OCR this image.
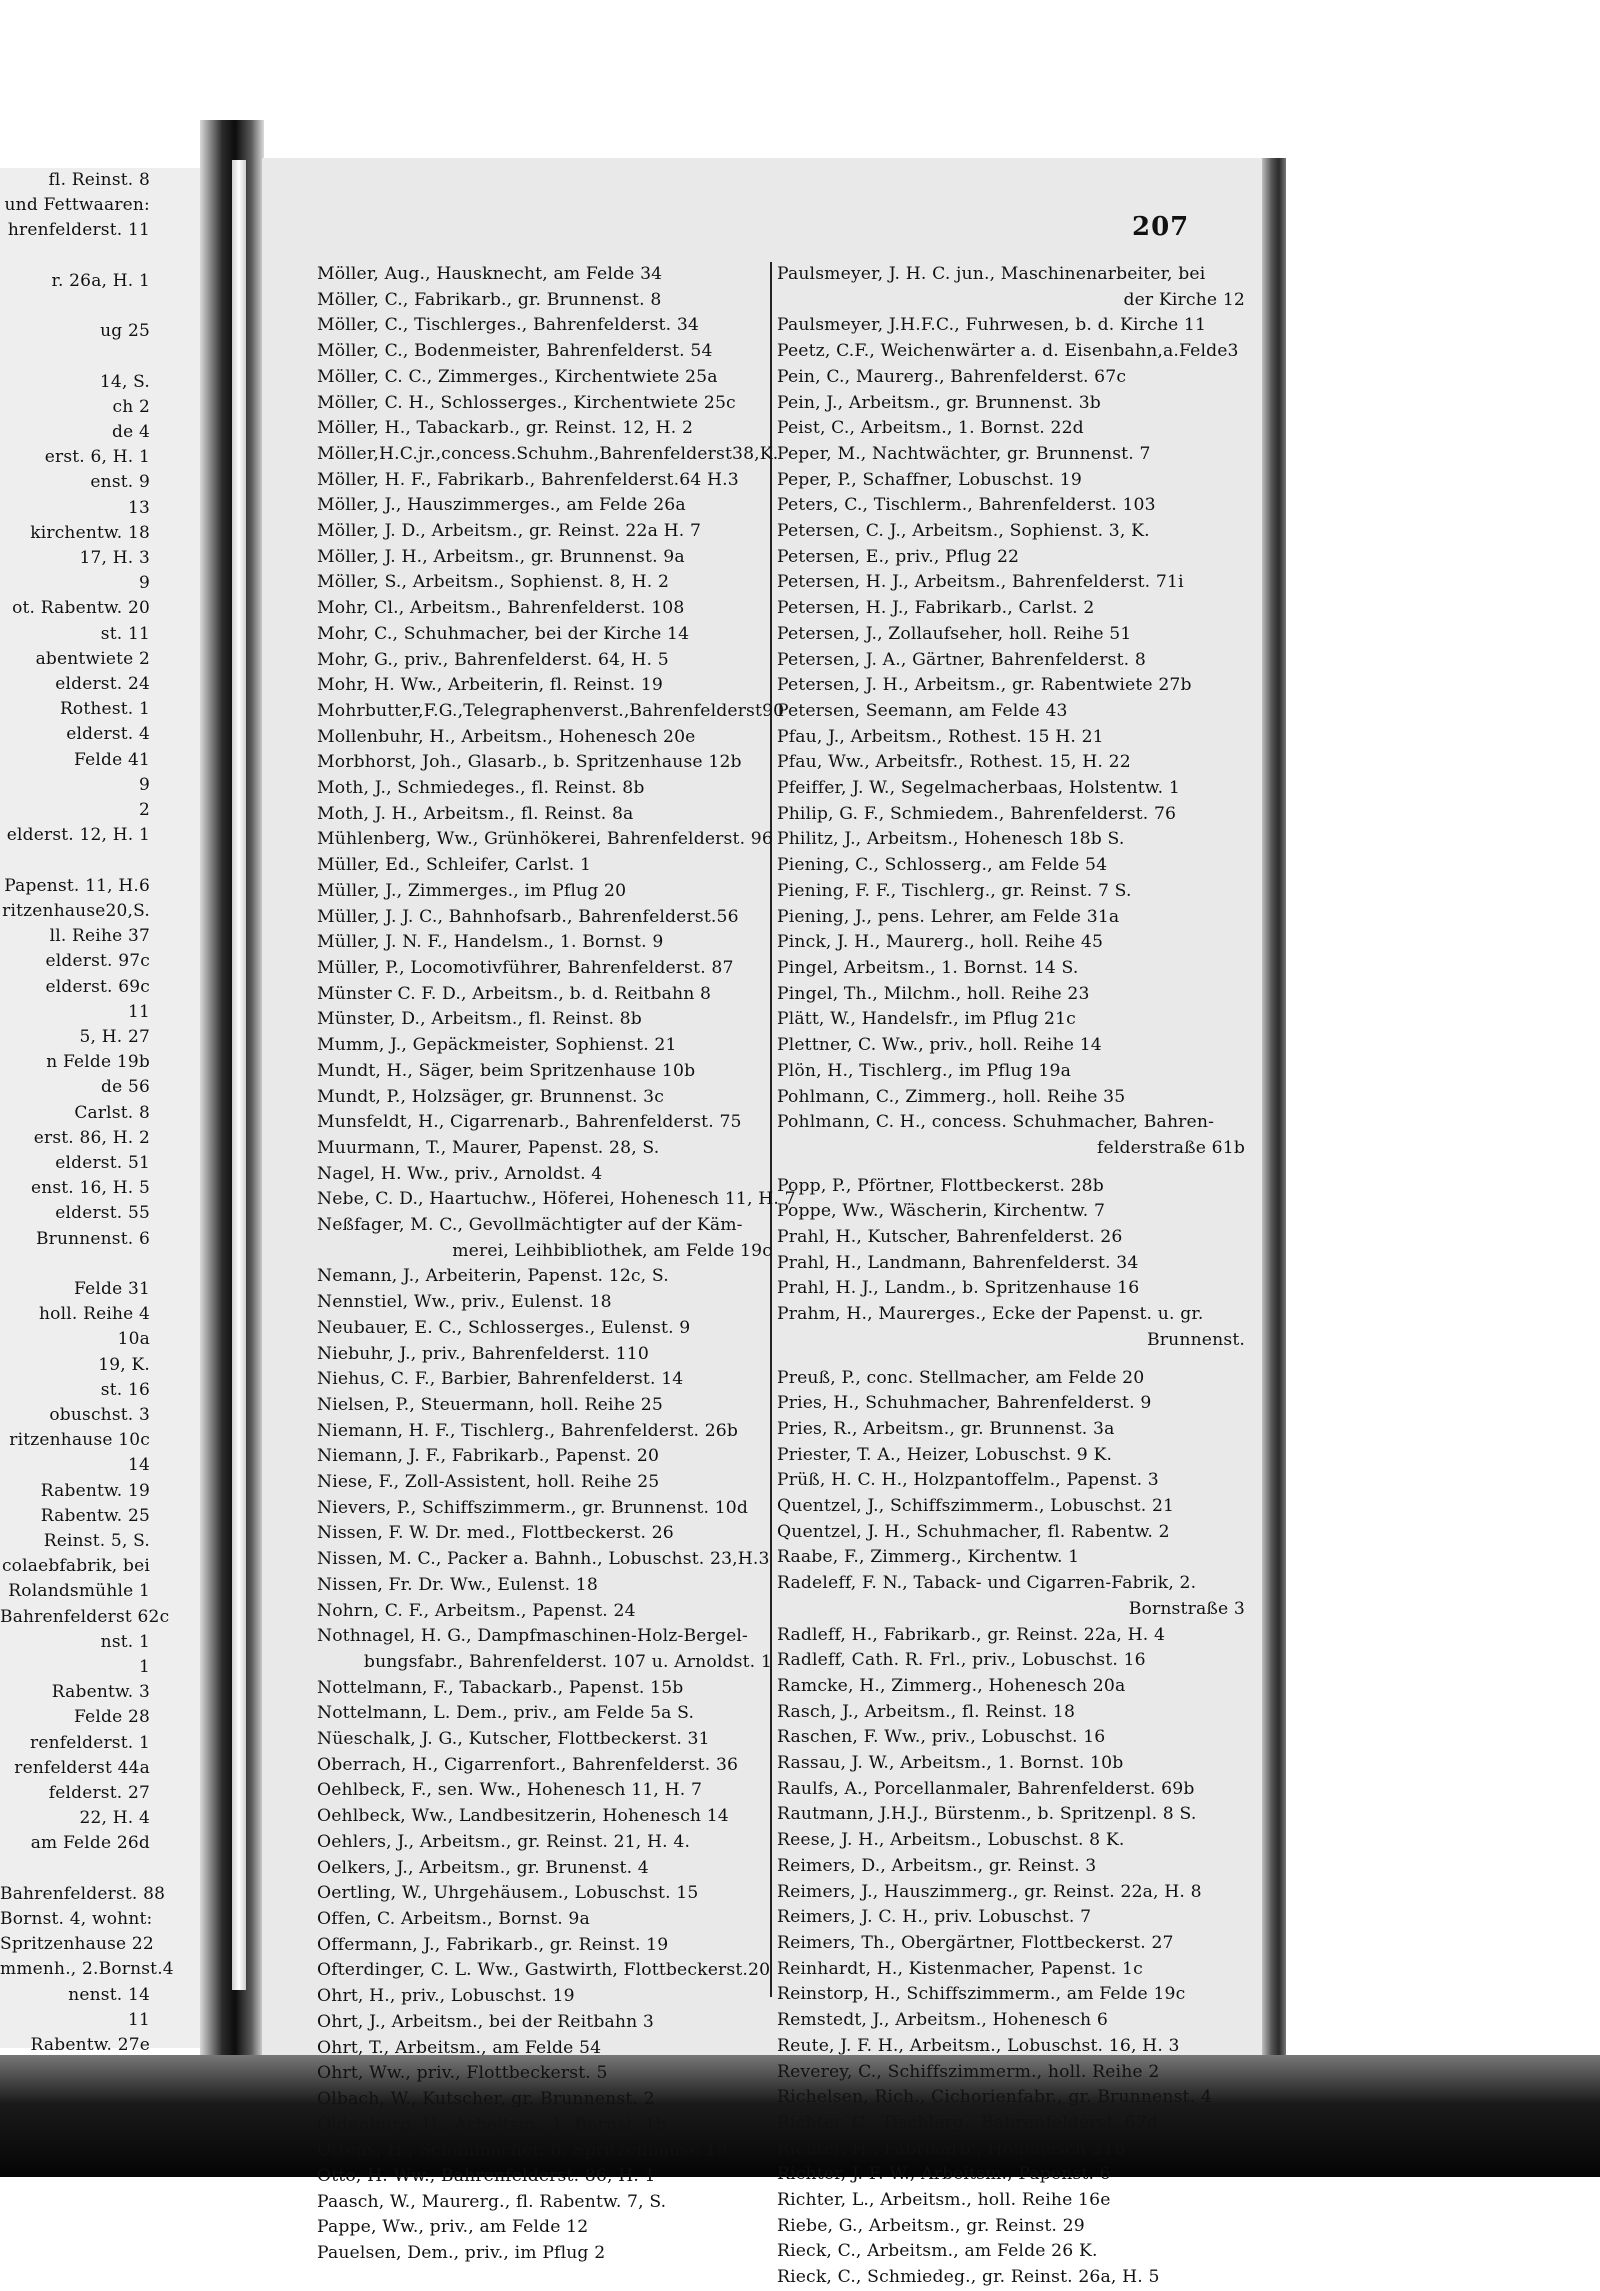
fl. Reinst. 8
und Fettwaaren:
hrenfelderst. 11

r. 26a, H. 1

ug 25

14, S.
ch 2
de 4
erst. 6, H. 1
enst. 9
13
kirchentw. 18
17, H. 3
9
ot. Rabentw. 20
st. 11
abentwiete 2
elderst. 24
Rothest. 1
elderst. 4
Felde 41
9
2
elderst. 12, H. 1

Papenst. 11, H.6
ritzenhause20,S.
ll. Reihe 37
elderst. 97c
elderst. 69c
11
5, H. 27
n Felde 19b
de 56
Carlst. 8
erst. 86, H. 2
elderst. 51
enst. 16, H. 5
elderst. 55
Brunnenst. 6

Felde 31
holl. Reihe 4
10a
19, K.
st. 16
obuschst. 3
ritzenhause 10c
14
Rabentw. 19
Rabentw. 25
Reinst. 5, S.
colaebfabrik, bei
Rolandsmühle 1
Bahrenfelderst 62c
nst. 1
1
Rabentw. 3
Felde 28
renfelderst. 1
renfelderst 44a
felderst. 27
22, H. 4
am Felde 26d

Bahrenfelderst. 88
Bornst. 4, wohnt:
Spritzenhause 22
mmenh., 2.Bornst.4
nenst. 14
11
Rabentw. 27e
207
Möller, Aug., Hausknecht, am Felde 34
Möller, C., Fabrikarb., gr. Brunnenst. 8
Möller, C., Tischlerges., Bahrenfelderst. 34
Möller, C., Bodenmeister, Bahrenfelderst. 54
Möller, C. C., Zimmerges., Kirchentwiete 25a
Möller, C. H., Schlosserges., Kirchentwiete 25c
Möller, H., Tabackarb., gr. Reinst. 12, H. 2
Möller,H.C.jr.,concess.Schuhm.,Bahrenfelderst38,K.
Möller, H. F., Fabrikarb., Bahrenfelderst.64 H.3
Möller, J., Hauszimmerges., am Felde 26a
Möller, J. D., Arbeitsm., gr. Reinst. 22a H. 7
Möller, J. H., Arbeitsm., gr. Brunnenst. 9a
Möller, S., Arbeitsm., Sophienst. 8, H. 2
Mohr, Cl., Arbeitsm., Bahrenfelderst. 108
Mohr, C., Schuhmacher, bei der Kirche 14
Mohr, G., priv., Bahrenfelderst. 64, H. 5
Mohr, H. Ww., Arbeiterin, fl. Reinst. 19
Mohrbutter,F.G.,Telegraphenverst.,Bahrenfelderst90
Mollenbuhr, H., Arbeitsm., Hohenesch 20e
Morbhorst, Joh., Glasarb., b. Spritzenhause 12b
Moth, J., Schmiedeges., fl. Reinst. 8b
Moth, J. H., Arbeitsm., fl. Reinst. 8a
Mühlenberg, Ww., Grünhökerei, Bahrenfelderst. 96
Müller, Ed., Schleifer, Carlst. 1
Müller, J., Zimmerges., im Pflug 20
Müller, J. J. C., Bahnhofsarb., Bahrenfelderst.56
Müller, J. N. F., Handelsm., 1. Bornst. 9
Müller, P., Locomotivführer, Bahrenfelderst. 87
Münster C. F. D., Arbeitsm., b. d. Reitbahn 8
Münster, D., Arbeitsm., fl. Reinst. 8b
Mumm, J., Gepäckmeister, Sophienst. 21
Mundt, H., Säger, beim Spritzenhause 10b
Mundt, P., Holzsäger, gr. Brunnenst. 3c
Munsfeldt, H., Cigarrenarb., Bahrenfelderst. 75
Muurmann, T., Maurer, Papenst. 28, S.
Nagel, H. Ww., priv., Arnoldst. 4
Nebe, C. D., Haartuchw., Höferei, Hohenesch 11, H. 7
Neßfager, M. C., Gevollmächtigter auf der Käm-
merei, Leihbibliothek, am Felde 19c
Nemann, J., Arbeiterin, Papenst. 12c, S.
Nennstiel, Ww., priv., Eulenst. 18
Neubauer, E. C., Schlosserges., Eulenst. 9
Niebuhr, J., priv., Bahrenfelderst. 110
Niehus, C. F., Barbier, Bahrenfelderst. 14
Nielsen, P., Steuermann, holl. Reihe 25
Niemann, H. F., Tischlerg., Bahrenfelderst. 26b
Niemann, J. F., Fabrikarb., Papenst. 20
Niese, F., Zoll-Assistent, holl. Reihe 25
Nievers, P., Schiffszimmerm., gr. Brunnenst. 10d
Nissen, F. W. Dr. med., Flottbeckerst. 26
Nissen, M. C., Packer a. Bahnh., Lobuschst. 23,H.3
Nissen, Fr. Dr. Ww., Eulenst. 18
Nohrn, C. F., Arbeitsm., Papenst. 24
Nothnagel, H. G., Dampfmaschinen-Holz-Bergel-
bungsfabr., Bahrenfelderst. 107 u. Arnoldst. 1
Nottelmann, F., Tabackarb., Papenst. 15b
Nottelmann, L. Dem., priv., am Felde 5a S.
Nüeschalk, J. G., Kutscher, Flottbeckerst. 31
Oberrach, H., Cigarrenfort., Bahrenfelderst. 36
Oehlbeck, F., sen. Ww., Hohenesch 11, H. 7
Oehlbeck, Ww., Landbesitzerin, Hohenesch 14
Oehlers, J., Arbeitsm., gr. Reinst. 21, H. 4.
Oelkers, J., Arbeitsm., gr. Brunenst. 4
Oertling, W., Uhrgehäusem., Lobuschst. 15
Offen, C. Arbeitsm., Bornst. 9a
Offermann, J., Fabrikarb., gr. Reinst. 19
Ofterdinger, C. L. Ww., Gastwirth, Flottbeckerst.20
Ohrt, H., priv., Lobuschst. 19
Ohrt, J., Arbeitsm., bei der Reitbahn 3
Ohrt, T., Arbeitsm., am Felde 54
Ohrt, Ww., priv., Flottbeckerst. 5
Olbach, W., Kutscher, gr. Brunnenst. 2
Oldenburg, H., Arbeitsm., 1. Bornst. 1b
Ottens, H., Schuhmacher, b. Spritzenhause 19
Otto, H. Ww., Bahrenfelderst. 86, H. 1
Paasch, W., Maurerg., fl. Rabentw. 7, S.
Pappe, Ww., priv., am Felde 12
Pauelsen, Dem., priv., im Pflug 2
Paulsmeyer, J. H. C. jun., Maschinenarbeiter, bei
der Kirche 12
Paulsmeyer, J.H.F.C., Fuhrwesen, b. d. Kirche 11
Peetz, C.F., Weichenwärter a. d. Eisenbahn,a.Felde3
Pein, C., Maurerg., Bahrenfelderst. 67c
Pein, J., Arbeitsm., gr. Brunnenst. 3b
Peist, C., Arbeitsm., 1. Bornst. 22d
Peper, M., Nachtwächter, gr. Brunnenst. 7
Peper, P., Schaffner, Lobuschst. 19
Peters, C., Tischlerm., Bahrenfelderst. 103
Petersen, C. J., Arbeitsm., Sophienst. 3, K.
Petersen, E., priv., Pflug 22
Petersen, H. J., Arbeitsm., Bahrenfelderst. 71i
Petersen, H. J., Fabrikarb., Carlst. 2
Petersen, J., Zollaufseher, holl. Reihe 51
Petersen, J. A., Gärtner, Bahrenfelderst. 8
Petersen, J. H., Arbeitsm., gr. Rabentwiete 27b
Petersen, Seemann, am Felde 43
Pfau, J., Arbeitsm., Rothest. 15 H. 21
Pfau, Ww., Arbeitsfr., Rothest. 15, H. 22
Pfeiffer, J. W., Segelmacherbaas, Holstentw. 1
Philip, G. F., Schmiedem., Bahrenfelderst. 76
Philitz, J., Arbeitsm., Hohenesch 18b S.
Piening, C., Schlosserg., am Felde 54
Piening, F. F., Tischlerg., gr. Reinst. 7 S.
Piening, J., pens. Lehrer, am Felde 31a
Pinck, J. H., Maurerg., holl. Reihe 45
Pingel, Arbeitsm., 1. Bornst. 14 S.
Pingel, Th., Milchm., holl. Reihe 23
Plätt, W., Handelsfr., im Pflug 21c
Plettner, C. Ww., priv., holl. Reihe 14
Plön, H., Tischlerg., im Pflug 19a
Pohlmann, C., Zimmerg., holl. Reihe 35
Pohlmann, C. H., concess. Schuhmacher, Bahren-
felderstraße 61b
Popp, P., Pförtner, Flottbeckerst. 28b
Poppe, Ww., Wäscherin, Kirchentw. 7
Prahl, H., Kutscher, Bahrenfelderst. 26
Prahl, H., Landmann, Bahrenfelderst. 34
Prahl, H. J., Landm., b. Spritzenhause 16
Prahm, H., Maurerges., Ecke der Papenst. u. gr.
Brunnenst.
Preuß, P., conc. Stellmacher, am Felde 20
Pries, H., Schuhmacher, Bahrenfelderst. 9
Pries, R., Arbeitsm., gr. Brunnenst. 3a
Priester, T. A., Heizer, Lobuschst. 9 K.
Prüß, H. C. H., Holzpantoffelm., Papenst. 3
Quentzel, J., Schiffszimmerm., Lobuschst. 21
Quentzel, J. H., Schuhmacher, fl. Rabentw. 2
Raabe, F., Zimmerg., Kirchentw. 1
Radeleff, F. N., Taback- und Cigarren-Fabrik, 2.
Bornstraße 3
Radleff, H., Fabrikarb., gr. Reinst. 22a, H. 4
Radleff, Cath. R. Frl., priv., Lobuschst. 16
Ramcke, H., Zimmerg., Hohenesch 20a
Rasch, J., Arbeitsm., fl. Reinst. 18
Raschen, F. Ww., priv., Lobuschst. 16
Rassau, J. W., Arbeitsm., 1. Bornst. 10b
Raulfs, A., Porcellanmaler, Bahrenfelderst. 69b
Rautmann, J.H.J., Bürstenm., b. Spritzenpl. 8 S.
Reese, J. H., Arbeitsm., Lobuschst. 8 K.
Reimers, D., Arbeitsm., gr. Reinst. 3
Reimers, J., Hauszimmerg., gr. Reinst. 22a, H. 8
Reimers, J. C. H., priv. Lobuschst. 7
Reimers, Th., Obergärtner, Flottbeckerst. 27
Reinhardt, H., Kistenmacher, Papenst. 1c
Reinstorp, H., Schiffszimmerm., am Felde 19c
Remstedt, J., Arbeitsm., Hohenesch 6
Reute, J. F. H., Arbeitsm., Lobuschst. 16, H. 3
Reverey, C., Schiffszimmerm., holl. Reihe 2
Richelsen, Rich., Cichorienfabr., gr. Brunnenst. 4
Richter, C., Tischlerg., Bahrenfelderst. 67d
Richter, H., Fabrikarb., Hohenesch 21b
Richter, J. F. W., Arbeitsm., Papenst. 6
Richter, L., Arbeitsm., holl. Reihe 16e
Riebe, G., Arbeitsm., gr. Reinst. 29
Rieck, C., Arbeitsm., am Felde 26 K.
Rieck, C., Schmiedeg., gr. Reinst. 26a, H. 5
